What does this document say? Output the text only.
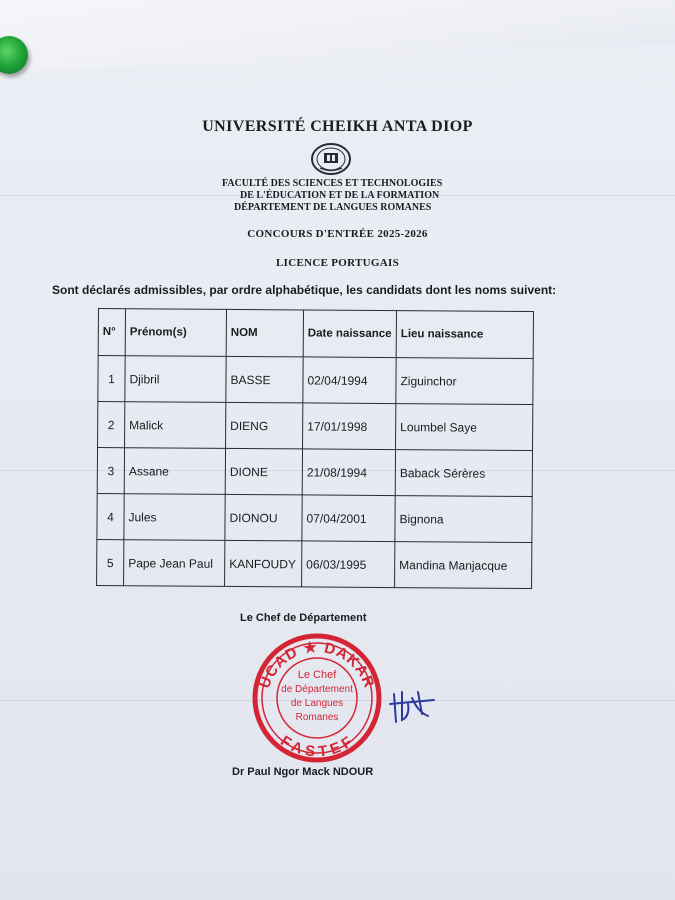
UNIVERSITÉ CHEIKH ANTA DIOP
FACULTÉ DES SCIENCES ET TECHNOLOGIES
DE L'ÉDUCATION ET DE LA FORMATION
DÉPARTEMENT DE LANGUES ROMANES
CONCOURS D'ENTRÉE 2025-2026
LICENCE PORTUGAIS
Sont déclarés admissibles, par ordre alphabétique, les candidats dont les noms suivent:
N°	Prénom(s)	NOM	Date naissance	Lieu naissance
1	Djibril	BASSE	02/04/1994	Ziguinchor
2	Malick	DIENG	17/01/1998	Loumbel Saye
3	Assane	DIONE	21/08/1994	Baback Sérères
4	Jules	DIONOU	07/04/2001	Bignona
5	Pape Jean Paul	KANFOUDY	06/03/1995	Mandina Manjacque
Le Chef de Département
UCAD ★ DAKAR
FASTEF
Le Chef
de Département
de Langues
Romanes
Dr Paul Ngor Mack NDOUR
